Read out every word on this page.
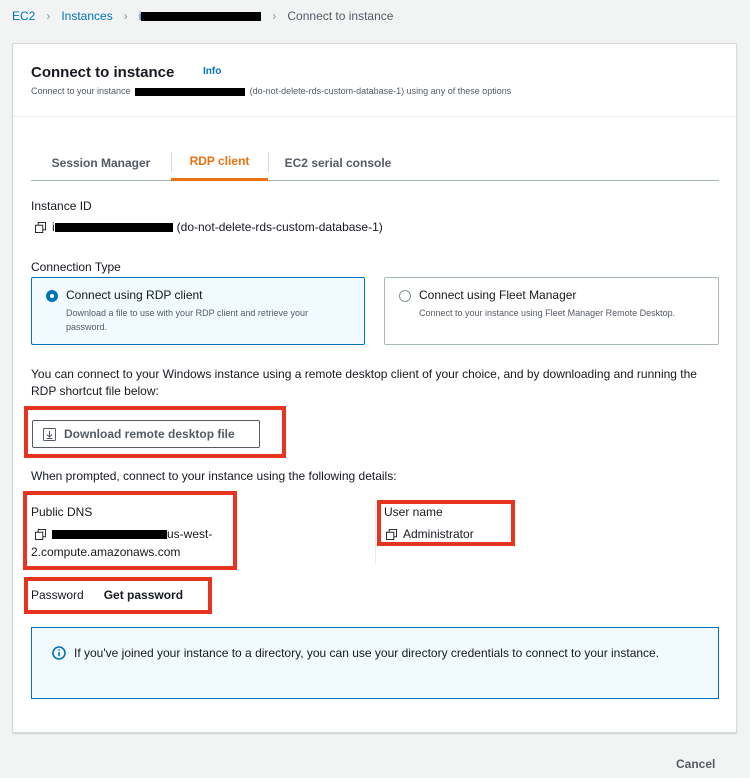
EC2 › Instances › i	› Connect to instance
Connect to instance	Info
Connect to your instance	(do-not-delete-rds-custom-database-1) using any of these options
Session Manager	RDP client	EC2 serial console
Instance ID
i	(do-not-delete-rds-custom-database-1)
Connection Type
Connect using RDP client
Download a file to use with your RDP client and retrieve your password.
Connect using Fleet Manager
Connect to your instance using Fleet Manager Remote Desktop.
You can connect to your Windows instance using a remote desktop client of your choice, and by downloading and running the RDP shortcut file below:
Download remote desktop file
When prompted, connect to your instance using the following details:
Public DNS
us-west-
2.compute.amazonaws.com
User name
Administrator
Password Get password
If you've joined your instance to a directory, you can use your directory credentials to connect to your instance.
Cancel
